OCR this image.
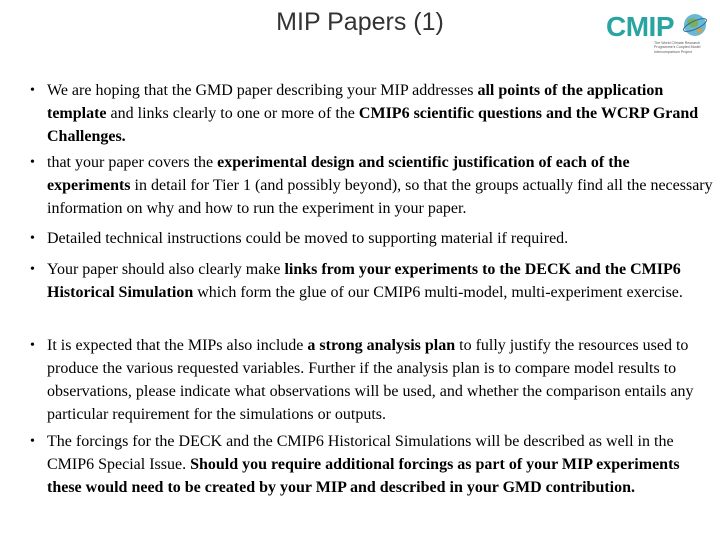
MIP Papers (1)	CMIP
The World Climate Research Programme's Coupled Model Intercomparison Project
• We are hoping that the GMD paper describing your MIP addresses all points of the application template and links clearly to one or more of the CMIP6 scientific questions and the WCRP Grand Challenges.
• that your paper covers the experimental design and scientific justification of each of the experiments in detail for Tier 1 (and possibly beyond), so that the groups actually find all the necessary information on why and how to run the experiment in your paper.
• Detailed technical instructions could be moved to supporting material if required.
• Your paper should also clearly make links from your experiments to the DECK and the CMIP6 Historical Simulation which form the glue of our CMIP6 multi-model, multi-experiment exercise.
• It is expected that the MIPs also include a strong analysis plan to fully justify the resources used to produce the various requested variables. Further if the analysis plan is to compare model results to observations, please indicate what observations will be used, and whether the comparison entails any particular requirement for the simulations or outputs.
• The forcings for the DECK and the CMIP6 Historical Simulations will be described as well in the CMIP6 Special Issue. Should you require additional forcings as part of your MIP experiments these would need to be created by your MIP and described in your GMD contribution.
